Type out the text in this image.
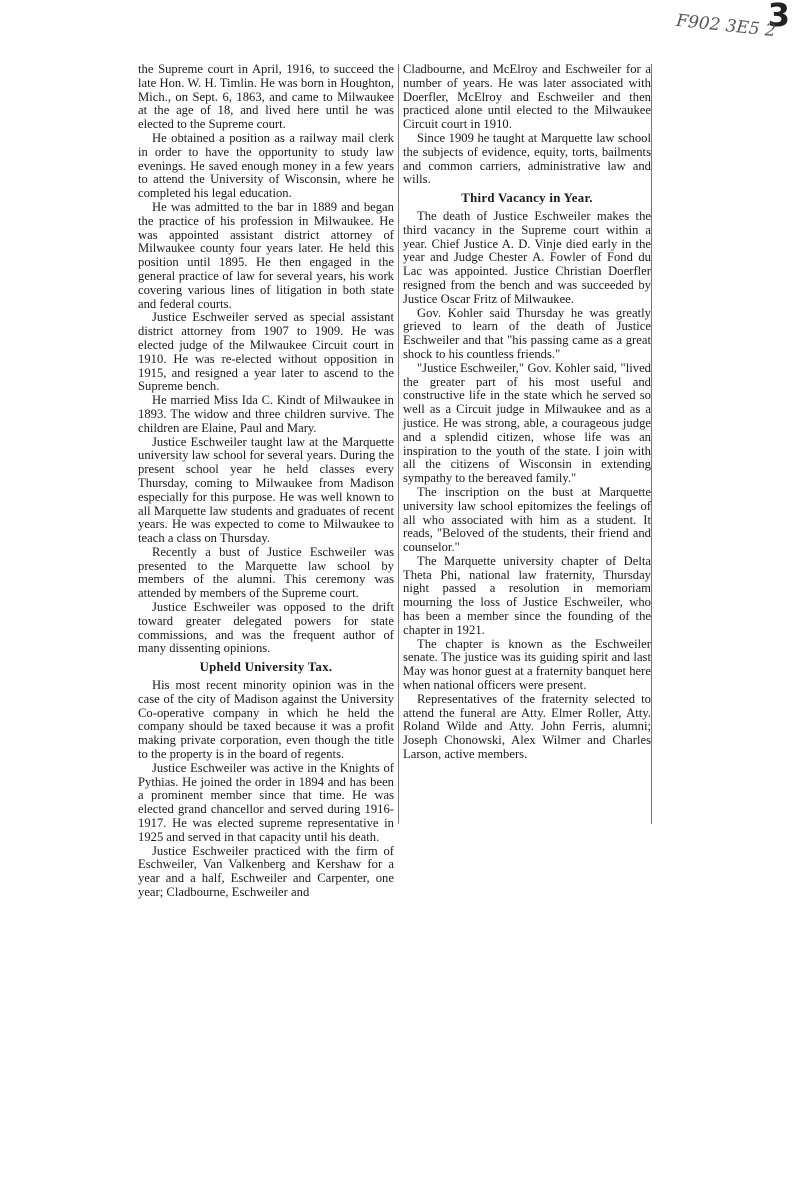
3
F902 3E5 2

the Supreme court in April, 1916, to succeed the late Hon. W. H. Timlin. He was born in Houghton, Mich., on Sept. 6, 1863, and came to Milwaukee at the age of 18, and lived here until he was elected to the Supreme court.

He obtained a position as a railway mail clerk in order to have the opportunity to study law evenings. He saved enough money in a few years to attend the University of Wisconsin, where he completed his legal education.

He was admitted to the bar in 1889 and began the practice of his profession in Milwaukee. He was appointed assistant district attorney of Milwaukee county four years later. He held this position until 1895. He then engaged in the general practice of law for several years, his work covering various lines of litigation in both state and federal courts.

Justice Eschweiler served as special assistant district attorney from 1907 to 1909. He was elected judge of the Milwaukee Circuit court in 1910. He was re-elected without opposition in 1915, and resigned a year later to ascend to the Supreme bench.

He married Miss Ida C. Kindt of Milwaukee in 1893. The widow and three children survive. The children are Elaine, Paul and Mary.

Justice Eschweiler taught law at the Marquette university law school for several years. During the present school year he held classes every Thursday, coming to Milwaukee from Madison especially for this purpose. He was well known to all Marquette law students and graduates of recent years. He was expected to come to Milwaukee to teach a class on Thursday.

Recently a bust of Justice Eschweiler was presented to the Marquette law school by members of the alumni. This ceremony was attended by members of the Supreme court.

Justice Eschweiler was opposed to the drift toward greater delegated powers for state commissions, and was the frequent author of many dissenting opinions.

Upheld University Tax.

His most recent minority opinion was in the case of the city of Madison against the University Co-operative company in which he held the company should be taxed because it was a profit making private corporation, even though the title to the property is in the board of regents.

Justice Eschweiler was active in the Knights of Pythias. He joined the order in 1894 and has been a prominent member since that time. He was elected grand chancellor and served during 1916-1917. He was elected supreme representative in 1925 and served in that capacity until his death.

Justice Eschweiler practiced with the firm of Eschweiler, Van Valkenberg and Kershaw for a year and a half, Eschweiler and Carpenter, one year; Cladbourne, Eschweiler and

Cladbourne, and McElroy and Eschweiler for a number of years. He was later associated with Doerfler, McElroy and Eschweiler and then practiced alone until elected to the Milwaukee Circuit court in 1910.

Since 1909 he taught at Marquette law school the subjects of evidence, equity, torts, bailments and common carriers, administrative law and wills.

Third Vacancy in Year.

The death of Justice Eschweiler makes the third vacancy in the Supreme court within a year. Chief Justice A. D. Vinje died early in the year and Judge Chester A. Fowler of Fond du Lac was appointed. Justice Christian Doerfler resigned from the bench and was succeeded by Justice Oscar Fritz of Milwaukee.

Gov. Kohler said Thursday he was greatly grieved to learn of the death of Justice Eschweiler and that "his passing came as a great shock to his countless friends."

"Justice Eschweiler," Gov. Kohler said, "lived the greater part of his most useful and constructive life in the state which he served so well as a Circuit judge in Milwaukee and as a justice. He was strong, able, a courageous judge and a splendid citizen, whose life was an inspiration to the youth of the state. I join with all the citizens of Wisconsin in extending sympathy to the bereaved family."

The inscription on the bust at Marquette university law school epitomizes the feelings of all who associated with him as a student. It reads, "Beloved of the students, their friend and counselor."

The Marquette university chapter of Delta Theta Phi, national law fraternity, Thursday night passed a resolution in memoriam mourning the loss of Justice Eschweiler, who has been a member since the founding of the chapter in 1921.

The chapter is known as the Eschweiler senate. The justice was its guiding spirit and last May was honor guest at a fraternity banquet here when national officers were present.

Representatives of the fraternity selected to attend the funeral are Atty. Elmer Roller, Atty. Roland Wilde and Atty. John Ferris, alumni; Joseph Chonowski, Alex Wilmer and Charles Larson, active members.
